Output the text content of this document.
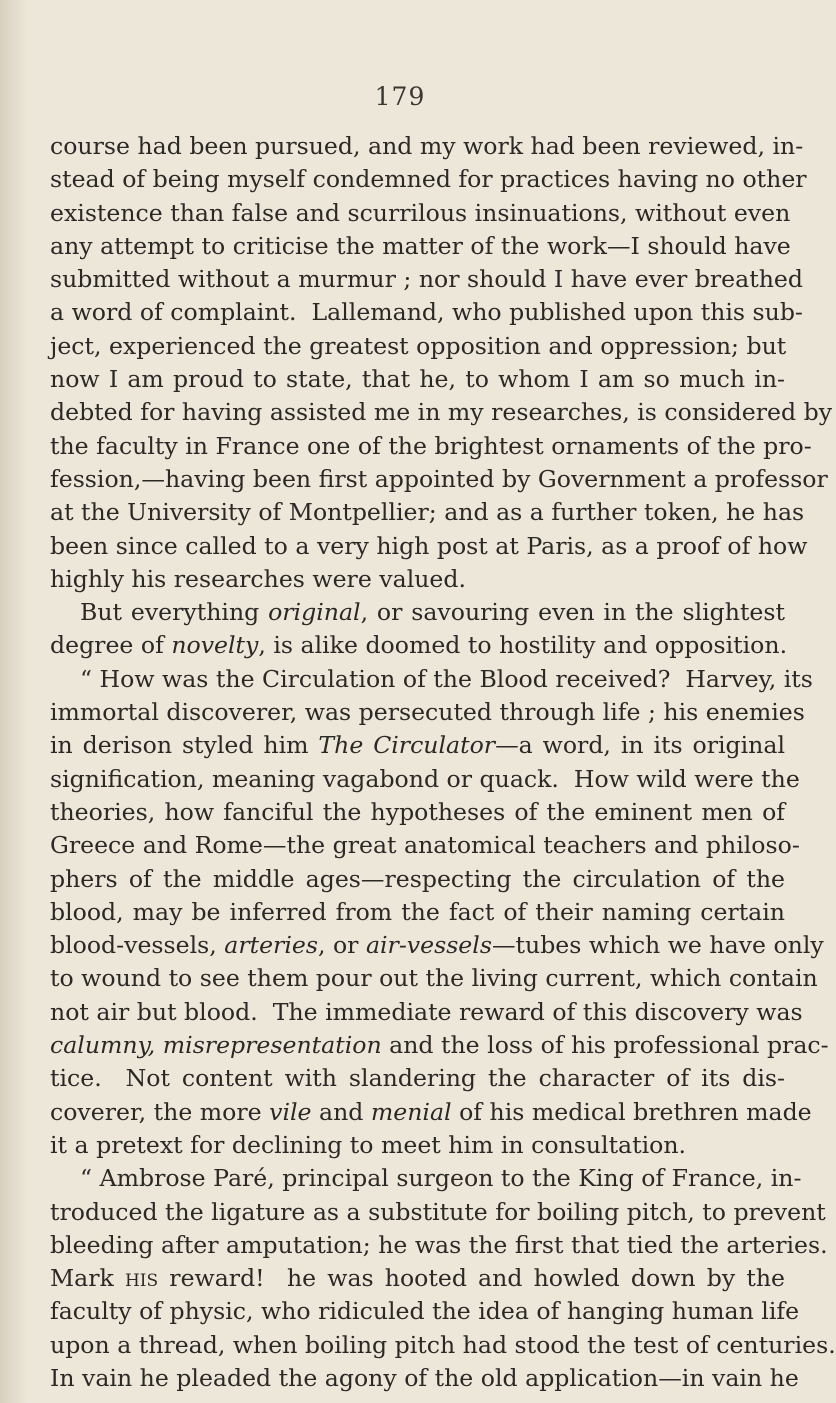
179
course had been pursued, and my work had been reviewed, in-
stead of being myself condemned for practices having no other
existence than false and scurrilous insinuations, without even
any attempt to criticise the matter of the work—I should have
submitted without a murmur ; nor should I have ever breathed
a word of complaint.  Lallemand, who published upon this sub-
ject, experienced the greatest opposition and oppression; but
now I am proud to state, that he, to whom I am so much in-
debted for having assisted me in my researches, is considered by
the faculty in France one of the brightest ornaments of the pro-
fession,—having been first appointed by Government a professor
at the University of Montpellier; and as a further token, he has
been since called to a very high post at Paris, as a proof of how
highly his researches were valued.
But everything original, or savouring even in the slightest
degree of novelty, is alike doomed to hostility and opposition.
“ How was the Circulation of the Blood received?  Harvey, its
immortal discoverer, was persecuted through life ; his enemies
in derison styled him The Circulator—a word, in its original
signification, meaning vagabond or quack.  How wild were the
theories, how fanciful the hypotheses of the eminent men of
Greece and Rome—the great anatomical teachers and philoso-
phers of the middle ages—respecting the circulation of the
blood, may be inferred from the fact of their naming certain
blood-vessels, arteries, or air-vessels—tubes which we have only
to wound to see them pour out the living current, which contain
not air but blood.  The immediate reward of this discovery was
calumny, misrepresentation and the loss of his professional prac-
tice.  Not content with slandering the character of its dis-
coverer, the more vile and menial of his medical brethren made
it a pretext for declining to meet him in consultation.
“ Ambrose Paré, principal surgeon to the King of France, in-
troduced the ligature as a substitute for boiling pitch, to prevent
bleeding after amputation; he was the first that tied the arteries.
Mark his reward!  he was hooted and howled down by the
faculty of physic, who ridiculed the idea of hanging human life
upon a thread, when boiling pitch had stood the test of centuries.
In vain he pleaded the agony of the old application—in vain he
